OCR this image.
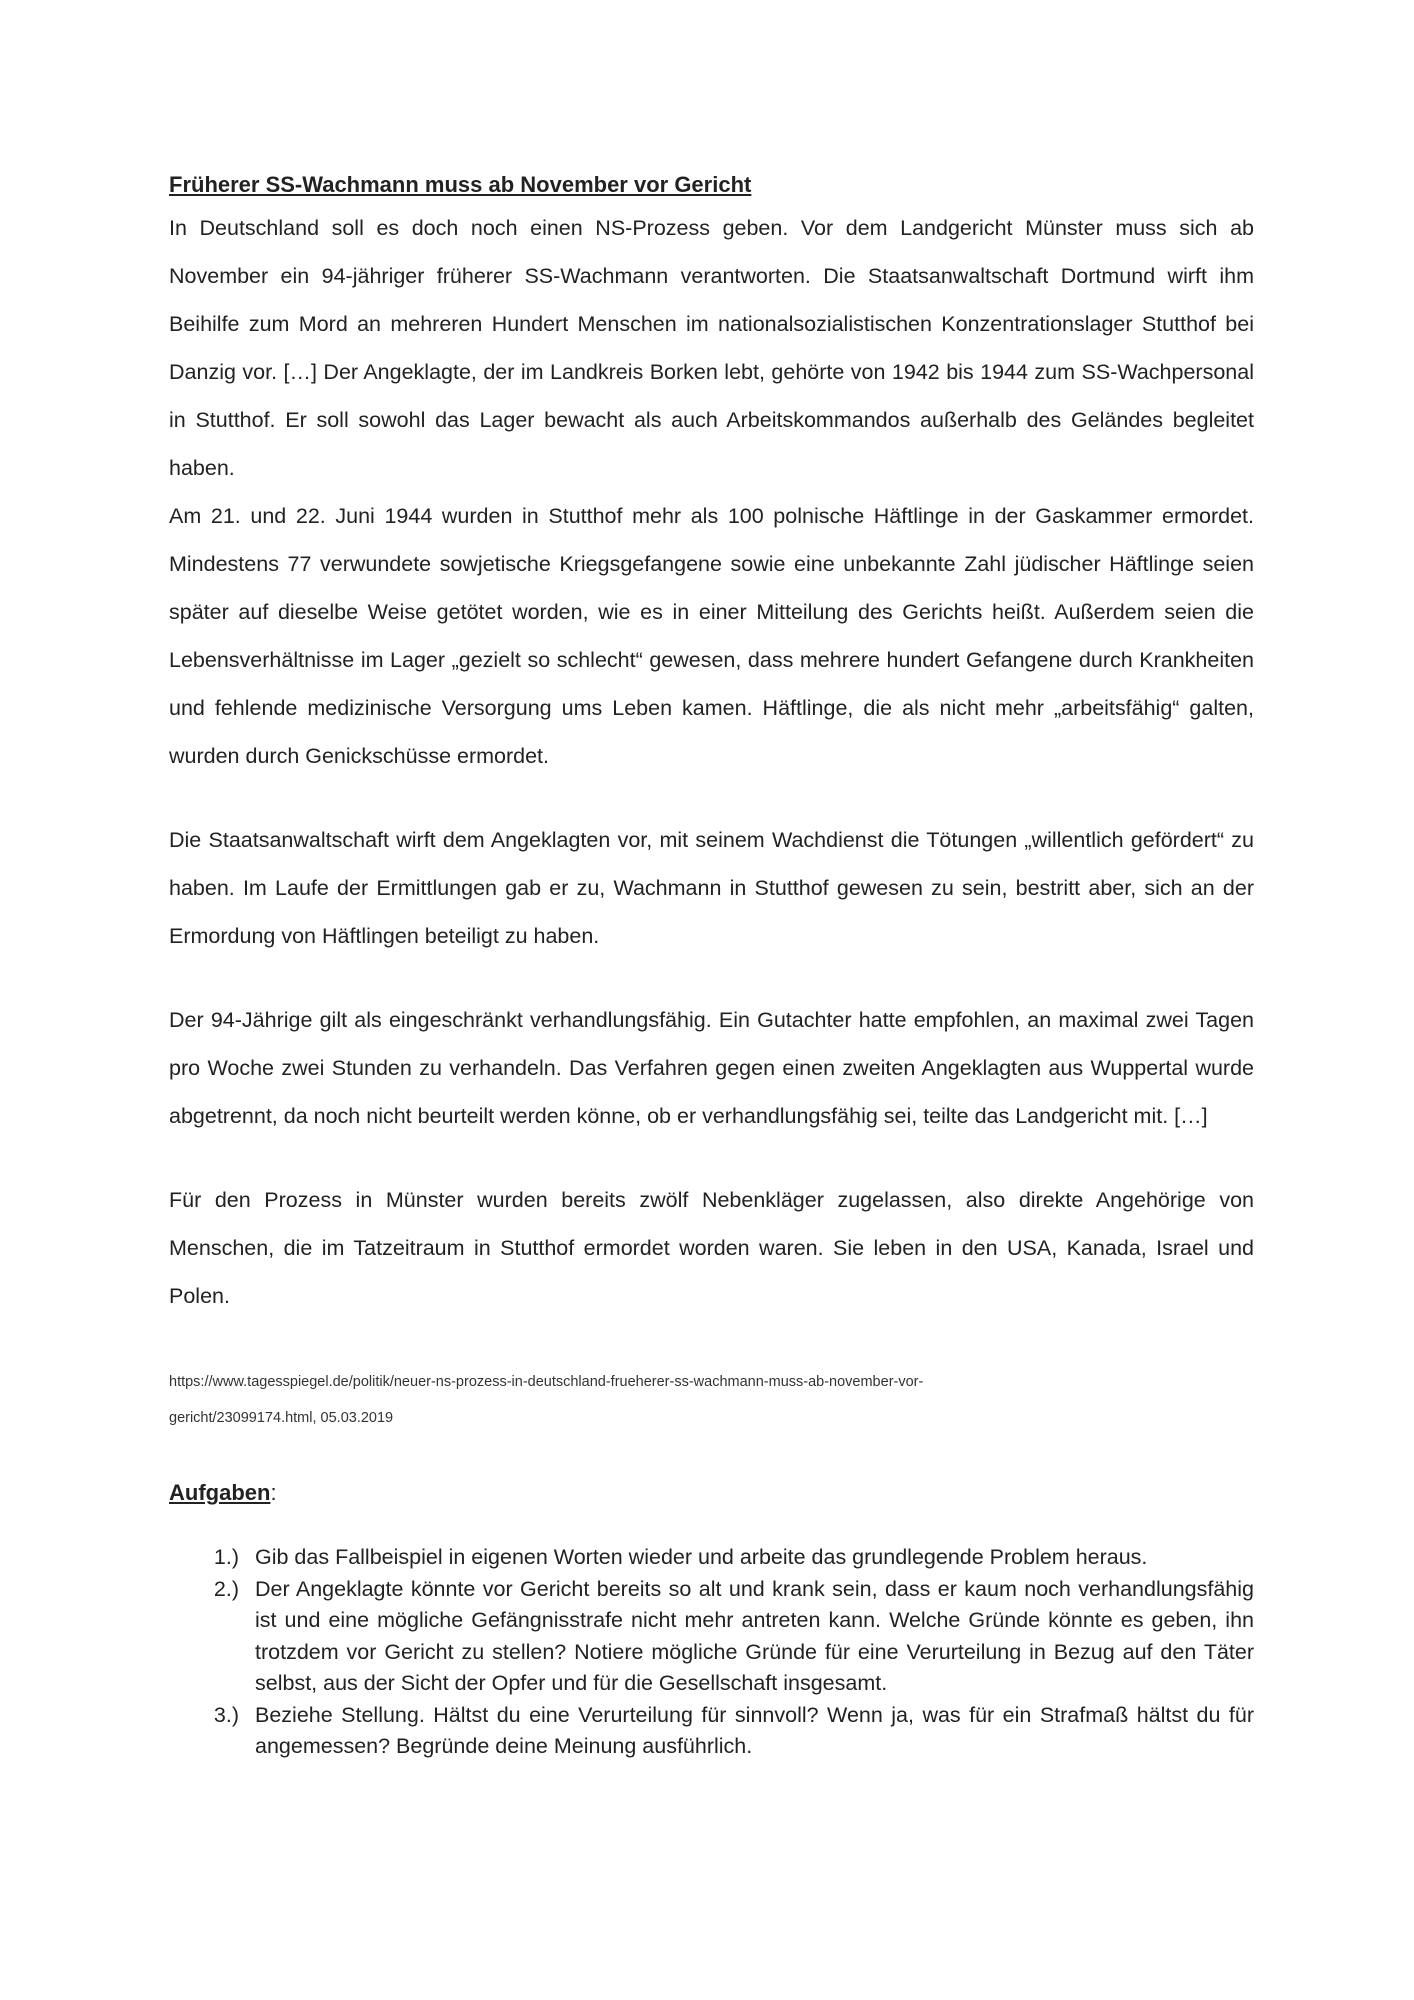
Früherer SS-Wachmann muss ab November vor Gericht

In Deutschland soll es doch noch einen NS-Prozess geben. Vor dem Landgericht Münster muss sich ab November ein 94-jähriger früherer SS-Wachmann verantworten. Die Staatsanwaltschaft Dortmund wirft ihm Beihilfe zum Mord an mehreren Hundert Menschen im nationalsozialistischen Konzentrationslager Stutthof bei Danzig vor. […] Der Angeklagte, der im Landkreis Borken lebt, gehörte von 1942 bis 1944 zum SS-Wachpersonal in Stutthof. Er soll sowohl das Lager bewacht als auch Arbeitskommandos außerhalb des Geländes begleitet haben.

Am 21. und 22. Juni 1944 wurden in Stutthof mehr als 100 polnische Häftlinge in der Gaskammer ermordet. Mindestens 77 verwundete sowjetische Kriegsgefangene sowie eine unbekannte Zahl jüdischer Häftlinge seien später auf dieselbe Weise getötet worden, wie es in einer Mitteilung des Gerichts heißt. Außerdem seien die Lebensverhältnisse im Lager „gezielt so schlecht“ gewesen, dass mehrere hundert Gefangene durch Krankheiten und fehlende medizinische Versorgung ums Leben kamen. Häftlinge, die als nicht mehr „arbeitsfähig“ galten, wurden durch Genickschüsse ermordet.

Die Staatsanwaltschaft wirft dem Angeklagten vor, mit seinem Wachdienst die Tötungen „willentlich gefördert“ zu haben. Im Laufe der Ermittlungen gab er zu, Wachmann in Stutthof gewesen zu sein, bestritt aber, sich an der Ermordung von Häftlingen beteiligt zu haben.

Der 94-Jährige gilt als eingeschränkt verhandlungsfähig. Ein Gutachter hatte empfohlen, an maximal zwei Tagen pro Woche zwei Stunden zu verhandeln. Das Verfahren gegen einen zweiten Angeklagten aus Wuppertal wurde abgetrennt, da noch nicht beurteilt werden könne, ob er verhandlungsfähig sei, teilte das Landgericht mit. […]

Für den Prozess in Münster wurden bereits zwölf Nebenkläger zugelassen, also direkte Angehörige von Menschen, die im Tatzeitraum in Stutthof ermordet worden waren. Sie leben in den USA, Kanada, Israel und Polen.

https://www.tagesspiegel.de/politik/neuer-ns-prozess-in-deutschland-frueherer-ss-wachmann-muss-ab-november-vor-
gericht/23099174.html, 05.03.2019
Aufgaben:
1.) Gib das Fallbeispiel in eigenen Worten wieder und arbeite das grundlegende Problem heraus.
2.) Der Angeklagte könnte vor Gericht bereits so alt und krank sein, dass er kaum noch verhandlungsfähig ist und eine mögliche Gefängnisstrafe nicht mehr antreten kann. Welche Gründe könnte es geben, ihn trotzdem vor Gericht zu stellen? Notiere mögliche Gründe für eine Verurteilung in Bezug auf den Täter selbst, aus der Sicht der Opfer und für die Gesellschaft insgesamt.
3.) Beziehe Stellung. Hältst du eine Verurteilung für sinnvoll? Wenn ja, was für ein Strafmaß hältst du für angemessen? Begründe deine Meinung ausführlich.
